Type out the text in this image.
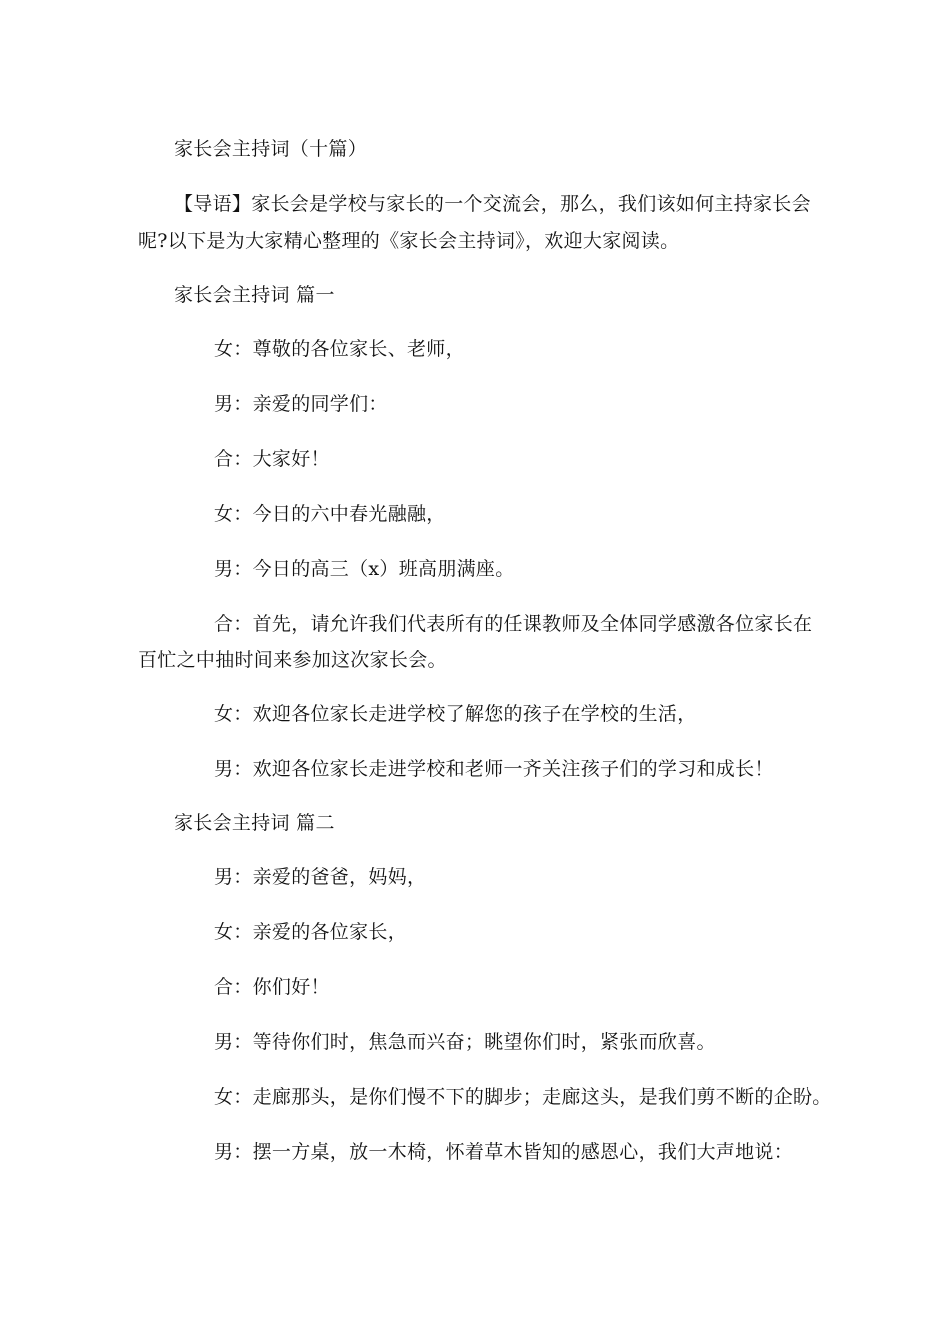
家长会主持词（十篇）
【导语】家长会是学校与家长的一个交流会，那么，我们该如何主持家长会
呢?以下是为大家精心整理的《家长会主持词》，欢迎大家阅读。
家长会主持词 篇一
女：尊敬的各位家长、老师，
男：亲爱的同学们：
合：大家好！
女：今日的六中春光融融，
男：今日的高三（x）班高朋满座。
合：首先，请允许我们代表所有的任课教师及全体同学感激各位家长在
百忙之中抽时间来参加这次家长会。
女：欢迎各位家长走进学校了解您的孩子在学校的生活，
男：欢迎各位家长走进学校和老师一齐关注孩子们的学习和成长！
家长会主持词 篇二
男：亲爱的爸爸，妈妈，
女：亲爱的各位家长，
合：你们好！
男：等待你们时，焦急而兴奋；眺望你们时，紧张而欣喜。
女：走廊那头，是你们慢不下的脚步；走廊这头，是我们剪不断的企盼。
男：摆一方桌，放一木椅，怀着草木皆知的感恩心，我们大声地说：
